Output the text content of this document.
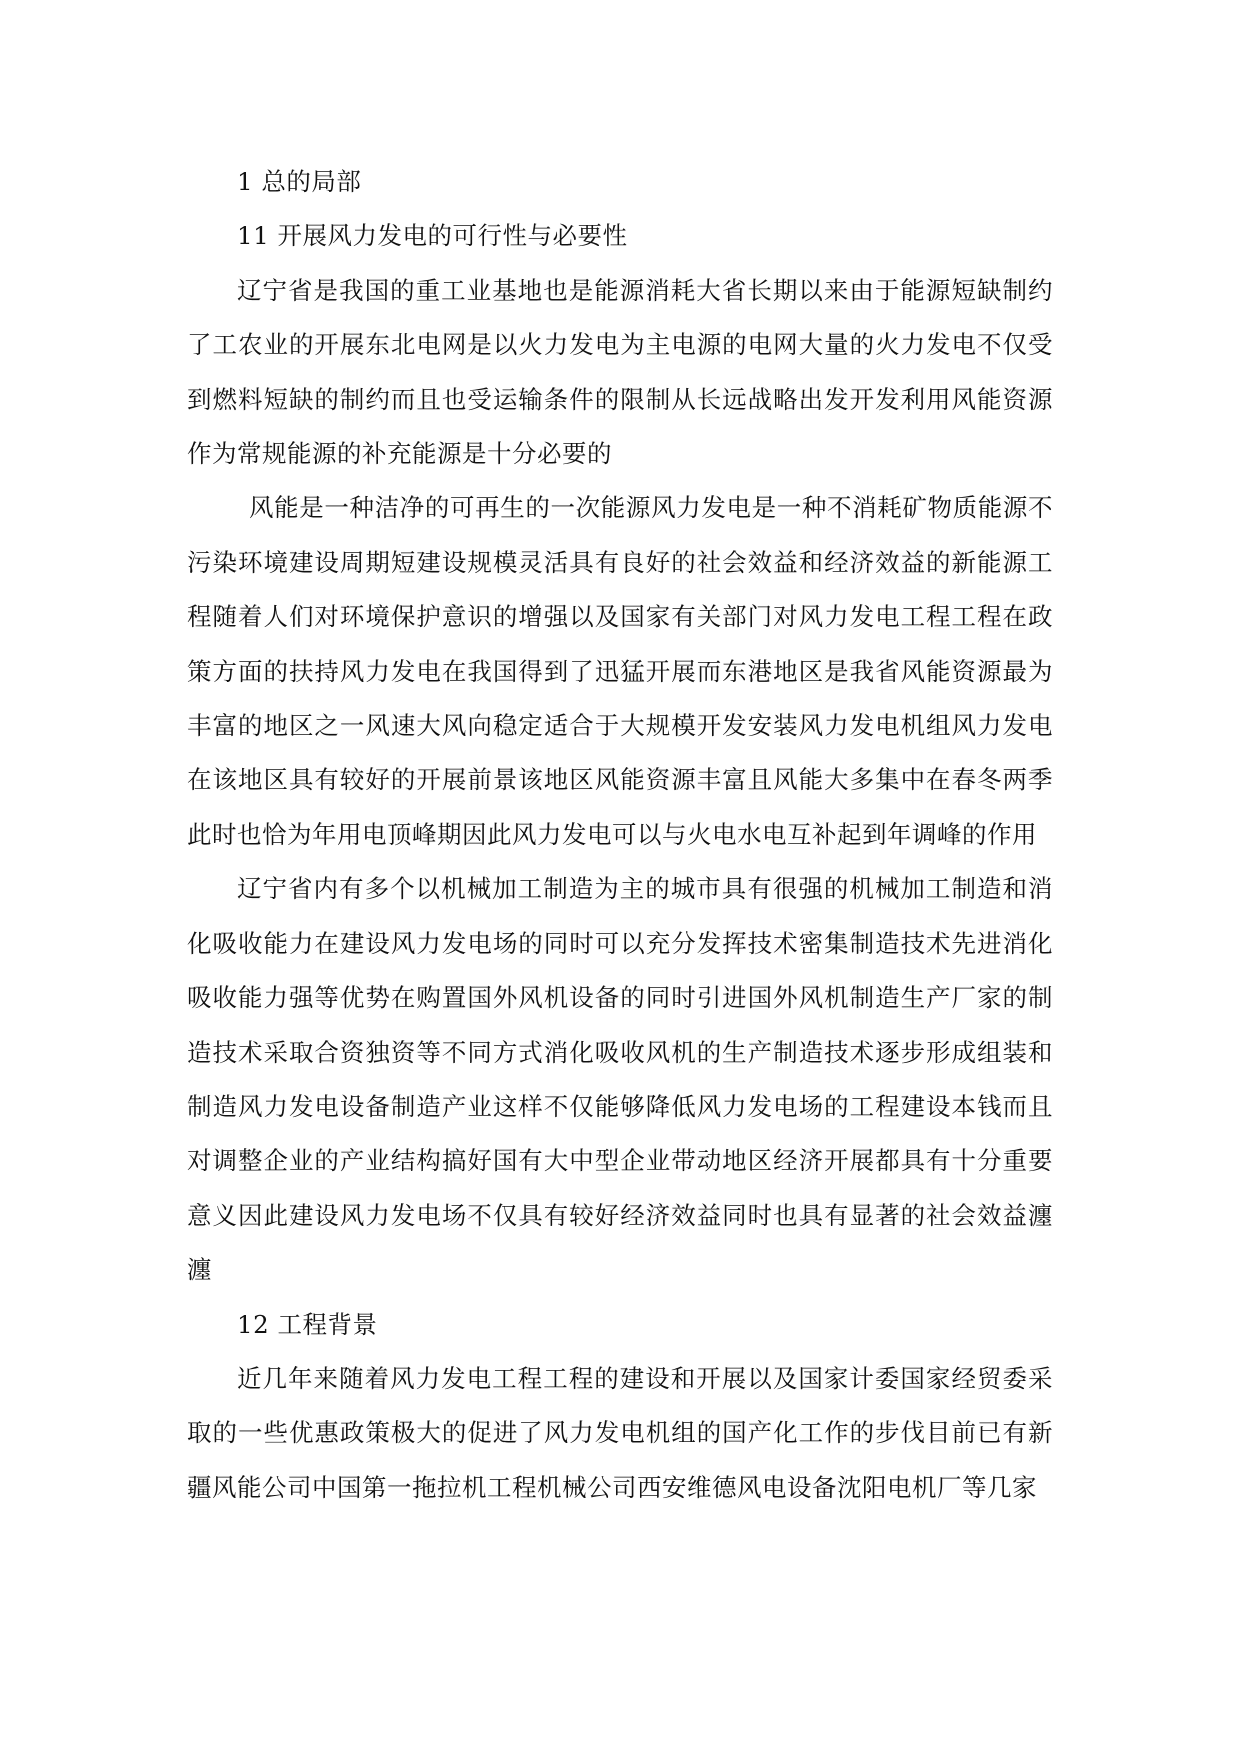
1 总的局部
11 开展风力发电的可行性与必要性

辽宁省是我国的重工业基地也是能源消耗大省长期以来由于能源短缺制约了工农业的开展东北电网是以火力发电为主电源的电网大量的火力发电不仅受到燃料短缺的制约而且也受运输条件的限制从长远战略出发开发利用风能资源作为常规能源的补充能源是十分必要的

风能是一种洁净的可再生的一次能源风力发电是一种不消耗矿物质能源不污染环境建设周期短建设规模灵活具有良好的社会效益和经济效益的新能源工程随着人们对环境保护意识的增强以及国家有关部门对风力发电工程工程在政策方面的扶持风力发电在我国得到了迅猛开展而东港地区是我省风能资源最为丰富的地区之一风速大风向稳定适合于大规模开发安装风力发电机组风力发电在该地区具有较好的开展前景该地区风能资源丰富且风能大多集中在春冬两季此时也恰为年用电顶峰期因此风力发电可以与火电水电互补起到年调峰的作用

辽宁省内有多个以机械加工制造为主的城市具有很强的机械加工制造和消化吸收能力在建设风力发电场的同时可以充分发挥技术密集制造技术先进消化吸收能力强等优势在购置国外风机设备的同时引进国外风机制造生产厂家的制造技术采取合资独资等不同方式消化吸收风机的生产制造技术逐步形成组装和制造风力发电设备制造产业这样不仅能够降低风力发电场的工程建设本钱而且对调整企业的产业结构搞好国有大中型企业带动地区经济开展都具有十分重要意义因此建设风力发电场不仅具有较好经济效益同时也具有显著的社会效益瀍瀍

12 工程背景

近几年来随着风力发电工程工程的建设和开展以及国家计委国家经贸委采取的一些优惠政策极大的促进了风力发电机组的国产化工作的步伐目前已有新疆风能公司中国第一拖拉机工程机械公司西安维德风电设备沈阳电机厂等几家
